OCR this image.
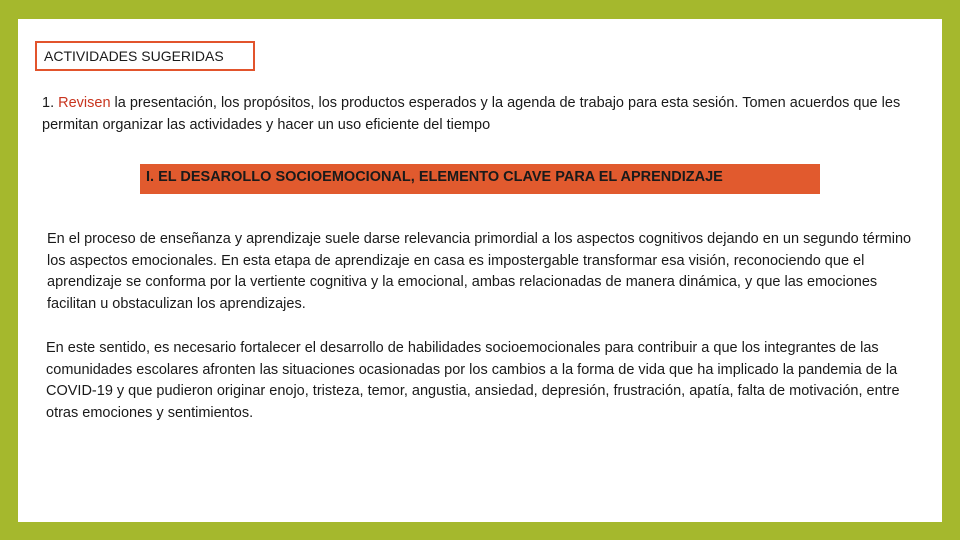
ACTIVIDADES SUGERIDAS
1. Revisen la presentación, los propósitos, los productos esperados y la agenda de trabajo para esta sesión. Tomen acuerdos que les permitan organizar las actividades y hacer un uso eficiente del tiempo
I. EL DESAROLLO SOCIOEMOCIONAL, ELEMENTO CLAVE PARA EL APRENDIZAJE
En el proceso de enseñanza y aprendizaje suele darse relevancia primordial a los aspectos cognitivos dejando en un segundo término los aspectos emocionales. En esta etapa de aprendizaje en casa es impostergable transformar esa visión, reconociendo que el aprendizaje se conforma por la vertiente cognitiva y la emocional, ambas relacionadas de manera dinámica, y que las emociones facilitan u obstaculizan los aprendizajes.
En este sentido, es necesario fortalecer el desarrollo de habilidades socioemocionales para contribuir a que los integrantes de las comunidades escolares afronten las situaciones ocasionadas por los cambios a la forma de vida que ha implicado la pandemia de la COVID-19 y que pudieron originar enojo, tristeza, temor, angustia, ansiedad, depresión, frustración, apatía, falta de motivación, entre otras emociones y sentimientos.
